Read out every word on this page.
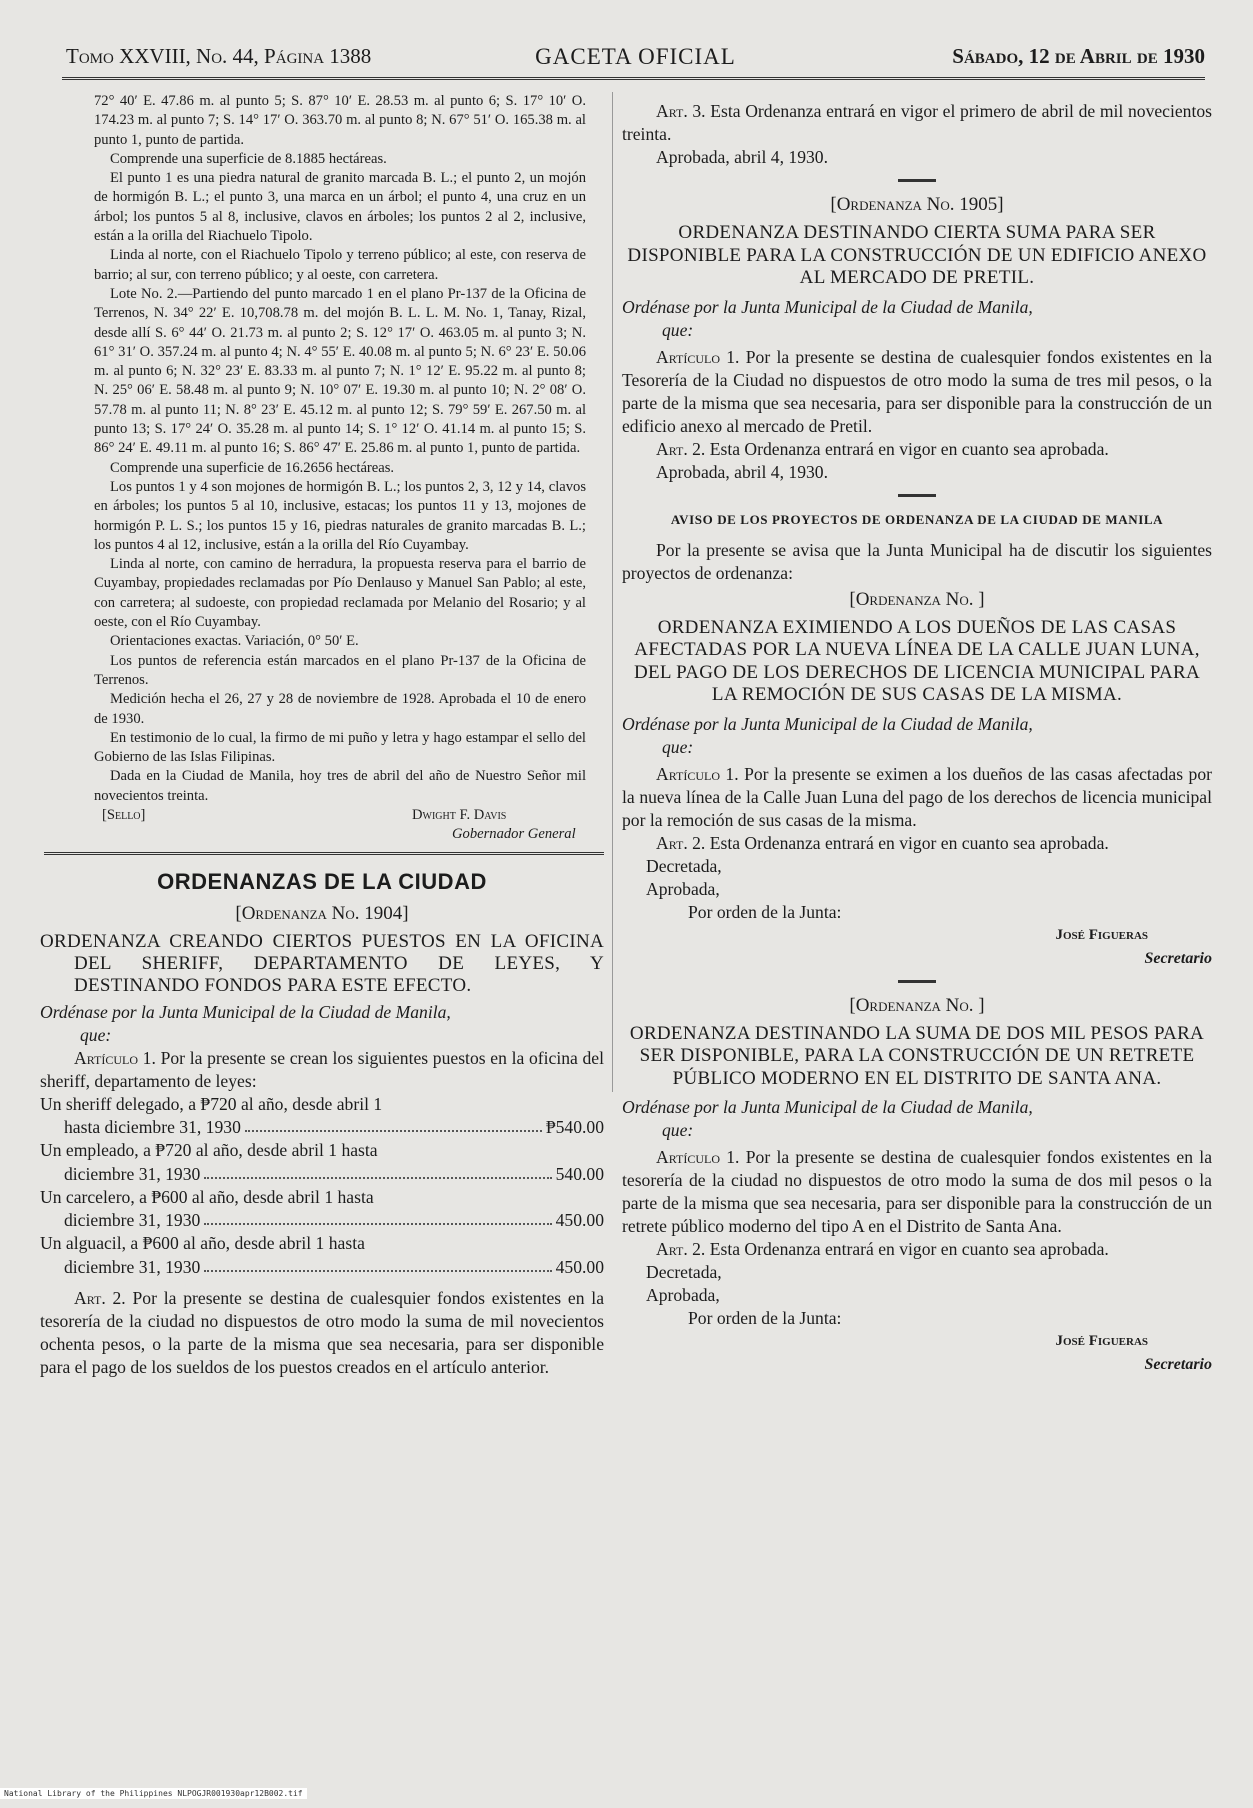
Tomo XXVIII, No. 44, Página 1388	GACETA OFICIAL	Sábado, 12 de Abril de 1930

72° 40′ E. 47.86 m. al punto 5; S. 87° 10′ E. 28.53 m. al punto 6; S. 17° 10′ O. 174.23 m. al punto 7; S. 14° 17′ O. 363.70 m. al punto 8; N. 67° 51′ O. 165.38 m. al punto 1, punto de partida.

Comprende una superficie de 8.1885 hectáreas.

El punto 1 es una piedra natural de granito marcada B. L.; el punto 2, un mojón de hormigón B. L.; el punto 3, una marca en un árbol; el punto 4, una cruz en un árbol; los puntos 5 al 8, inclusive, clavos en árboles; los puntos 2 al 2, inclusive, están a la orilla del Riachuelo Tipolo.

Linda al norte, con el Riachuelo Tipolo y terreno público; al este, con reserva de barrio; al sur, con terreno público; y al oeste, con carretera.

Lote No. 2.—Partiendo del punto marcado 1 en el plano Pr-137 de la Oficina de Terrenos, N. 34° 22′ E. 10,708.78 m. del mojón B. L. L. M. No. 1, Tanay, Rizal, desde allí S. 6° 44′ O. 21.73 m. al punto 2; S. 12° 17′ O. 463.05 m. al punto 3; N. 61° 31′ O. 357.24 m. al punto 4; N. 4° 55′ E. 40.08 m. al punto 5; N. 6° 23′ E. 50.06 m. al punto 6; N. 32° 23′ E. 83.33 m. al punto 7; N. 1° 12′ E. 95.22 m. al punto 8; N. 25° 06′ E. 58.48 m. al punto 9; N. 10° 07′ E. 19.30 m. al punto 10; N. 2° 08′ O. 57.78 m. al punto 11; N. 8° 23′ E. 45.12 m. al punto 12; S. 79° 59′ E. 267.50 m. al punto 13; S. 17° 24′ O. 35.28 m. al punto 14; S. 1° 12′ O. 41.14 m. al punto 15; S. 86° 24′ E. 49.11 m. al punto 16; S. 86° 47′ E. 25.86 m. al punto 1, punto de partida.

Comprende una superficie de 16.2656 hectáreas.

Los puntos 1 y 4 son mojones de hormigón B. L.; los puntos 2, 3, 12 y 14, clavos en árboles; los puntos 5 al 10, inclusive, estacas; los puntos 11 y 13, mojones de hormigón P. L. S.; los puntos 15 y 16, piedras naturales de granito marcadas B. L.; los puntos 4 al 12, inclusive, están a la orilla del Río Cuyambay.

Linda al norte, con camino de herradura, la propuesta reserva para el barrio de Cuyambay, propiedades reclamadas por Pío Denlauso y Manuel San Pablo; al este, con carretera; al sudoeste, con propiedad reclamada por Melanio del Rosario; y al oeste, con el Río Cuyambay.

Orientaciones exactas. Variación, 0° 50′ E.

Los puntos de referencia están marcados en el plano Pr-137 de la Oficina de Terrenos.

Medición hecha el 26, 27 y 28 de noviembre de 1928. Aprobada el 10 de enero de 1930.

En testimonio de lo cual, la firmo de mi puño y letra y hago estampar el sello del Gobierno de las Islas Filipinas.

Dada en la Ciudad de Manila, hoy tres de abril del año de Nuestro Señor mil novecientos treinta.

[Sello]	Dwight F. Davis
Gobernador General
ORDENANZAS DE LA CIUDAD
[Ordenanza No. 1904]
ORDENANZA CREANDO CIERTOS PUESTOS EN LA OFICINA DEL SHERIFF, DEPARTAMENTO DE LEYES, Y DESTINANDO FONDOS PARA ESTE EFECTO.

Ordénase por la Junta Municipal de la Ciudad de Manila,
que:

Artículo 1. Por la presente se crean los siguientes puestos en la oficina del sheriff, departamento de leyes:

Un sheriff delegado, a ₱720 al año, desde abril 1
hasta diciembre 31, 1930	₱540.00
Un empleado, a ₱720 al año, desde abril 1 hasta
diciembre 31, 1930	540.00
Un carcelero, a ₱600 al año, desde abril 1 hasta
diciembre 31, 1930	450.00
Un alguacil, a ₱600 al año, desde abril 1 hasta
diciembre 31, 1930	450.00

Art. 2. Por la presente se destina de cualesquier fondos existentes en la tesorería de la ciudad no dispuestos de otro modo la suma de mil novecientos ochenta pesos, o la parte de la misma que sea necesaria, para ser disponible para el pago de los sueldos de los puestos creados en el artículo anterior.

Art. 3. Esta Ordenanza entrará en vigor el primero de abril de mil novecientos treinta.

Aprobada, abril 4, 1930.

[Ordenanza No. 1905]
ORDENANZA DESTINANDO CIERTA SUMA PARA SER DISPONIBLE PARA LA CONSTRUCCIÓN DE UN EDIFICIO ANEXO AL MERCADO DE PRETIL.

Ordénase por la Junta Municipal de la Ciudad de Manila,
que:

Artículo 1. Por la presente se destina de cualesquier fondos existentes en la Tesorería de la Ciudad no dispuestos de otro modo la suma de tres mil pesos, o la parte de la misma que sea necesaria, para ser disponible para la construcción de un edificio anexo al mercado de Pretil.

Art. 2. Esta Ordenanza entrará en vigor en cuanto sea aprobada.

Aprobada, abril 4, 1930.

AVISO DE LOS PROYECTOS DE ORDENANZA DE LA CIUDAD DE MANILA

Por la presente se avisa que la Junta Municipal ha de discutir los siguientes proyectos de ordenanza:

[Ordenanza No. ]
ORDENANZA EXIMIENDO A LOS DUEÑOS DE LAS CASAS AFECTADAS POR LA NUEVA LÍNEA DE LA CALLE JUAN LUNA, DEL PAGO DE LOS DERECHOS DE LICENCIA MUNICIPAL PARA LA REMOCIÓN DE SUS CASAS DE LA MISMA.

Ordénase por la Junta Municipal de la Ciudad de Manila,
que:

Artículo 1. Por la presente se eximen a los dueños de las casas afectadas por la nueva línea de la Calle Juan Luna del pago de los derechos de licencia municipal por la remoción de sus casas de la misma.

Art. 2. Esta Ordenanza entrará en vigor en cuanto sea aprobada.

Decretada,

Aprobada,

Por orden de la Junta:

José Figueras

Secretario

[Ordenanza No. ]
ORDENANZA DESTINANDO LA SUMA DE DOS MIL PESOS PARA SER DISPONIBLE, PARA LA CONSTRUCCIÓN DE UN RETRETE PÚBLICO MODERNO EN EL DISTRITO DE SANTA ANA.

Ordénase por la Junta Municipal de la Ciudad de Manila,
que:

Artículo 1. Por la presente se destina de cualesquier fondos existentes en la tesorería de la ciudad no dispuestos de otro modo la suma de dos mil pesos o la parte de la misma que sea necesaria, para ser disponible para la construcción de un retrete público moderno del tipo A en el Distrito de Santa Ana.

Art. 2. Esta Ordenanza entrará en vigor en cuanto sea aprobada.

Decretada,

Aprobada,

Por orden de la Junta:

José Figueras

Secretario

National Library of the Philippines NLPOGJR001930apr12B002.tif
